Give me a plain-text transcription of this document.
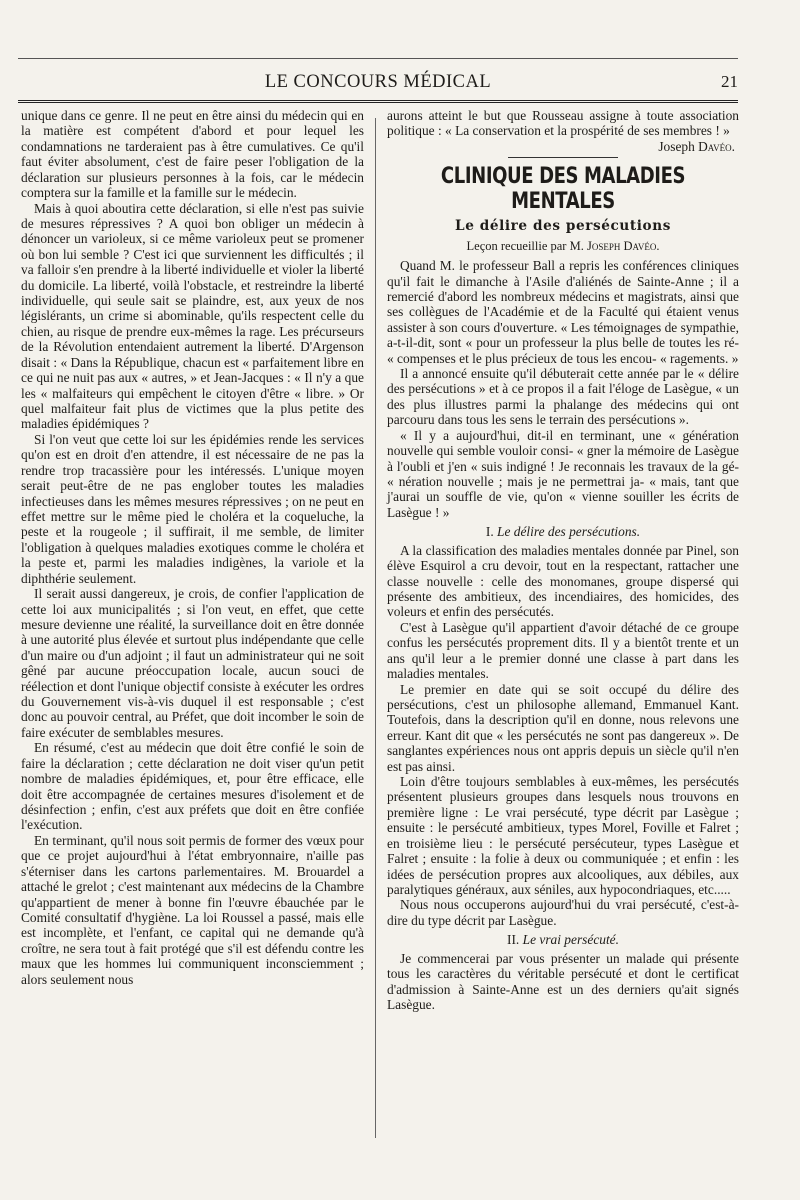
LE CONCOURS MÉDICAL	21

unique dans ce genre. Il ne peut en être ainsi du médecin qui en la matière est compétent d'abord et pour lequel les condamnations ne tarderaient pas à être cumulatives. Ce qu'il faut éviter absolument, c'est de faire peser l'obligation de la déclaration sur plusieurs personnes à la fois, car le médecin comptera sur la famille et la famille sur le médecin.

Mais à quoi aboutira cette déclaration, si elle n'est pas suivie de mesures répressives ? A quoi bon obliger un médecin à dénoncer un varioleux, si ce même varioleux peut se promener où bon lui semble ? C'est ici que surviennent les difficultés ; il va falloir s'en prendre à la liberté individuelle et violer la liberté du domicile. La liberté, voilà l'obstacle, et restreindre la liberté individuelle, qui seule sait se plaindre, est, aux yeux de nos législérants, un crime si abominable, qu'ils respectent celle du chien, au risque de prendre eux-mêmes la rage. Les précurseurs de la Révolution entendaient autrement la liberté. D'Argenson disait : « Dans la République, chacun est « parfaitement libre en ce qui ne nuit pas aux « autres, » et Jean-Jacques : « Il n'y a que les « malfaiteurs qui empêchent le citoyen d'être « libre. » Or quel malfaiteur fait plus de victimes que la plus petite des maladies épidémiques ?

Si l'on veut que cette loi sur les épidémies rende les services qu'on est en droit d'en attendre, il est nécessaire de ne pas la rendre trop tracassière pour les intéressés. L'unique moyen serait peut-être de ne pas englober toutes les maladies infectieuses dans les mêmes mesures répressives ; on ne peut en effet mettre sur le même pied le choléra et la coqueluche, la peste et la rougeole ; il suffirait, il me semble, de limiter l'obligation à quelques maladies exotiques comme le choléra et la peste et, parmi les maladies indigènes, la variole et la diphthérie seulement.

Il serait aussi dangereux, je crois, de confier l'application de cette loi aux municipalités ; si l'on veut, en effet, que cette mesure devienne une réalité, la surveillance doit en être donnée à une autorité plus élevée et surtout plus indépendante que celle d'un maire ou d'un adjoint ; il faut un administrateur qui ne soit gêné par aucune préoccupation locale, aucun souci de réélection et dont l'unique objectif consiste à exécuter les ordres du Gouvernement vis-à-vis duquel il est responsable ; c'est donc au pouvoir central, au Préfet, que doit incomber le soin de faire exécuter de semblables mesures.

En résumé, c'est au médecin que doit être confié le soin de faire la déclaration ; cette déclaration ne doit viser qu'un petit nombre de maladies épidémiques, et, pour être efficace, elle doit être accompagnée de certaines mesures d'isolement et de désinfection ; enfin, c'est aux préfets que doit en être confiée l'exécution.

En terminant, qu'il nous soit permis de former des vœux pour que ce projet aujourd'hui à l'état embryonnaire, n'aille pas s'éterniser dans les cartons parlementaires. M. Brouardel a attaché le grelot ; c'est maintenant aux médecins de la Chambre qu'appartient de mener à bonne fin l'œuvre ébauchée par le Comité consultatif d'hygiène. La loi Roussel a passé, mais elle est incomplète, et l'enfant, ce capital qui ne demande qu'à croître, ne sera tout à fait protégé que s'il est défendu contre les maux que les hommes lui communiquent inconsciemment ; alors seulement nous

aurons atteint le but que Rousseau assigne à toute association politique : « La conservation et la prospérité de ses membres ! »

Joseph Davéo.

CLINIQUE DES MALADIES MENTALES
Le délire des persécutions
Leçon recueillie par M. Joseph Davéo.

Quand M. le professeur Ball a repris les conférences cliniques qu'il fait le dimanche à l'Asile d'aliénés de Sainte-Anne ; il a remercié d'abord les nombreux médecins et magistrats, ainsi que ses collègues de l'Académie et de la Faculté qui étaient venus assister à son cours d'ouverture. « Les témoignages de sympathie, a-t-il-dit, sont « pour un professeur la plus belle de toutes les ré- « compenses et le plus précieux de tous les encou- « ragements. »

Il a annoncé ensuite qu'il débuterait cette année par le « délire des persécutions » et à ce propos il a fait l'éloge de Lasègue, « un des plus illustres parmi la phalange des médecins qui ont parcouru dans tous les sens le terrain des persécutions ».

« Il y a aujourd'hui, dit-il en terminant, une « génération nouvelle qui semble vouloir consi- « gner la mémoire de Lasègue à l'oubli et j'en « suis indigné ! Je reconnais les travaux de la gé- « nération nouvelle ; mais je ne permettrai ja- « mais, tant que j'aurai un souffle de vie, qu'on « vienne souiller les écrits de Lasègue ! »

I. Le délire des persécutions.

A la classification des maladies mentales donnée par Pinel, son élève Esquirol a cru devoir, tout en la respectant, rattacher une classe nouvelle : celle des monomanes, groupe dispersé qui présente des ambitieux, des incendiaires, des homicides, des voleurs et enfin des persécutés.

C'est à Lasègue qu'il appartient d'avoir détaché de ce groupe confus les persécutés proprement dits. Il y a bientôt trente et un ans qu'il leur a le premier donné une classe à part dans les maladies mentales.

Le premier en date qui se soit occupé du délire des persécutions, c'est un philosophe allemand, Emmanuel Kant. Toutefois, dans la description qu'il en donne, nous relevons une erreur. Kant dit que « les persécutés ne sont pas dangereux ». De sanglantes expériences nous ont appris depuis un siècle qu'il n'en est pas ainsi.

Loin d'être toujours semblables à eux-mêmes, les persécutés présentent plusieurs groupes dans lesquels nous trouvons en première ligne : Le vrai persécuté, type décrit par Lasègue ; ensuite : le persécuté ambitieux, types Morel, Foville et Falret ; en troisième lieu : le persécuté persécuteur, types Lasègue et Falret ; ensuite : la folie à deux ou communiquée ; et enfin : les idées de persécution propres aux alcooliques, aux débiles, aux paralytiques généraux, aux séniles, aux hypocondriaques, etc.....

Nous nous occuperons aujourd'hui du vrai persécuté, c'est-à-dire du type décrit par Lasègue.

II. Le vrai persécuté.

Je commencerai par vous présenter un malade qui présente tous les caractères du véritable persécuté et dont le certificat d'admission à Sainte-Anne est un des derniers qu'ait signés Lasègue.
